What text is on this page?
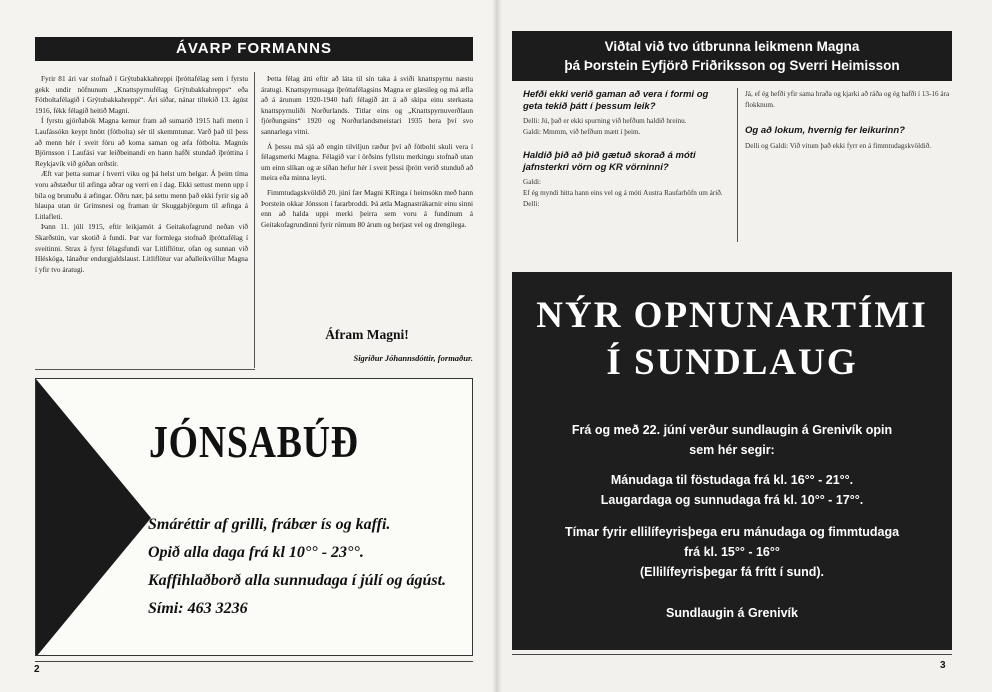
ÁVARP FORMANNS

Fyrir 81 ári var stofnað í Grýtubakkahreppi íþróttafélag sem í fyrstu gekk undir nöfnunum „Knattspyrnufélag Grýtubakkahrepps“ eða Fótboltafélagið í Grýtubakkahreppi“. Ári síðar, nánar tiltekið 13. ágúst 1916, fékk félagið heitið Magni.

Í fyrstu gjörðabók Magna kemur fram að sumarið 1915 hafi menn í Laufássókn keypt hnött (fótbolta) sér til skemmtunar. Varð það til þess að menn hér í sveit fóru að koma saman og æfa fótbolta. Magnús Björnsson í Laufási var leiðbeinandi en hann hafði stundað íþróttina í Reykjavík við góðan orðstír.

Æft var þetta sumar í hverri viku og þá helst um helgar. Á þeim tíma voru aðstæður til æfinga aðrar og verri en í dag. Ekki settust menn upp í bíla og brunuðu á æfingar. Öðru nær, þá settu menn það ekki fyrir sig að hlaupa utan úr Grímsnesi og framan úr Skuggabjörgum til æfinga á Litlafleti.

Þann 11. júlí 1915, eftir leikjamót á Geitakofagrund neðan við Skarðstún, var skotið á fundi. Þar var formlega stofnað íþróttafélag í sveitinni. Strax á fyrst félagsfundi var Litliflötur, ofan og sunnan við Hléskóga, lánaður endurgjaldslaust. Litliflötur var aðalleikvöllur Magna í yfir tvo áratugi.

Þetta félag átti eftir að láta til sín taka á sviði knattspyrnu næstu áratugi. Knattspyrnusaga íþróttafélagsins Magna er glæsileg og má æfla að á árunum 1920-1940 hafi félagið átt á að skipa einu sterkasta knattspyrnuliði Norðurlands. Titlar eins og „Knattspyrnuverðlaun fjórðungsins“ 1920 og Norðurlandsmeistari 1935 bera því svo sannarlega vitni.

Á þessu má sjá að engin tilviljun ræður því að fótbolti skuli vera í félagsmerki Magna. Félagið var í örðsins fyllstu merkingu stofnað utan um einn slíkan og æ síðan hefur hér í sveit þessi íþrótt verið stunduð að meira eða minna leyti.

Fimmtudagskvöldið 20. júní fær Magni KRinga í heimsókn með hann Þorstein okkar Jónsson í fararbroddi. Þá ætla Magnastrákarnir einu sinni enn að halda uppi merki þeirra sem voru á fundinum á Geitakofagrundinni fyrir rúmum 80 árum og berjast vel og drengilega.

Áfram Magni!
Sigríður Jóhannsdóttir, formaður.
JÓNSABÚÐ
Smáréttir af grilli, frábær ís og kaffi.
Opið alla daga frá kl 10°° - 23°°.
Kaffihlaðborð alla sunnudaga í júlí og ágúst.
Sími: 463 3236
2
Viðtal við tvo útbrunna leikmenn Magna
þá Þorstein Eyfjörð Friðriksson og Sverri Heimisson
Hefði ekki verið gaman að vera í formi og geta tekið þátt í þessum leik?
Delli: Jú, það er ekki spurning við hefðum haldið hreinu.
Galdi: Mmmm, við hefðum mætt í þeim.
Haldið þið að þið gætuð skorað á móti jafnsterkri vörn og KR vörninni?
Galdi:
Ef ég myndi hitta hann eins vel og á móti Austra Raufarhöfn um árið.
Delli:
Já, ef ég hefði yfir sama hraða og kjarki að ráða og ég hafði í 13-16 ára flokknum.
Og að lokum, hvernig fer leikurinn?
Delli og Galdi: Við vitum það ekki fyrr en á fimmtudagskvöldið.
NÝR OPNUNARTÍMI
Í SUNDLAUG
Frá og með 22. júní verður sundlaugin á Grenivík opin
sem hér segir:
Mánudaga til föstudaga frá kl. 16°° - 21°°.
Laugardaga og sunnudaga frá kl. 10°° - 17°°.
Tímar fyrir ellilífeyrisþega eru mánudaga og fimmtudaga
frá kl. 15°° - 16°°
(Ellilífeyrisþegar fá frítt í sund).
Sundlaugin á Grenivík
3
